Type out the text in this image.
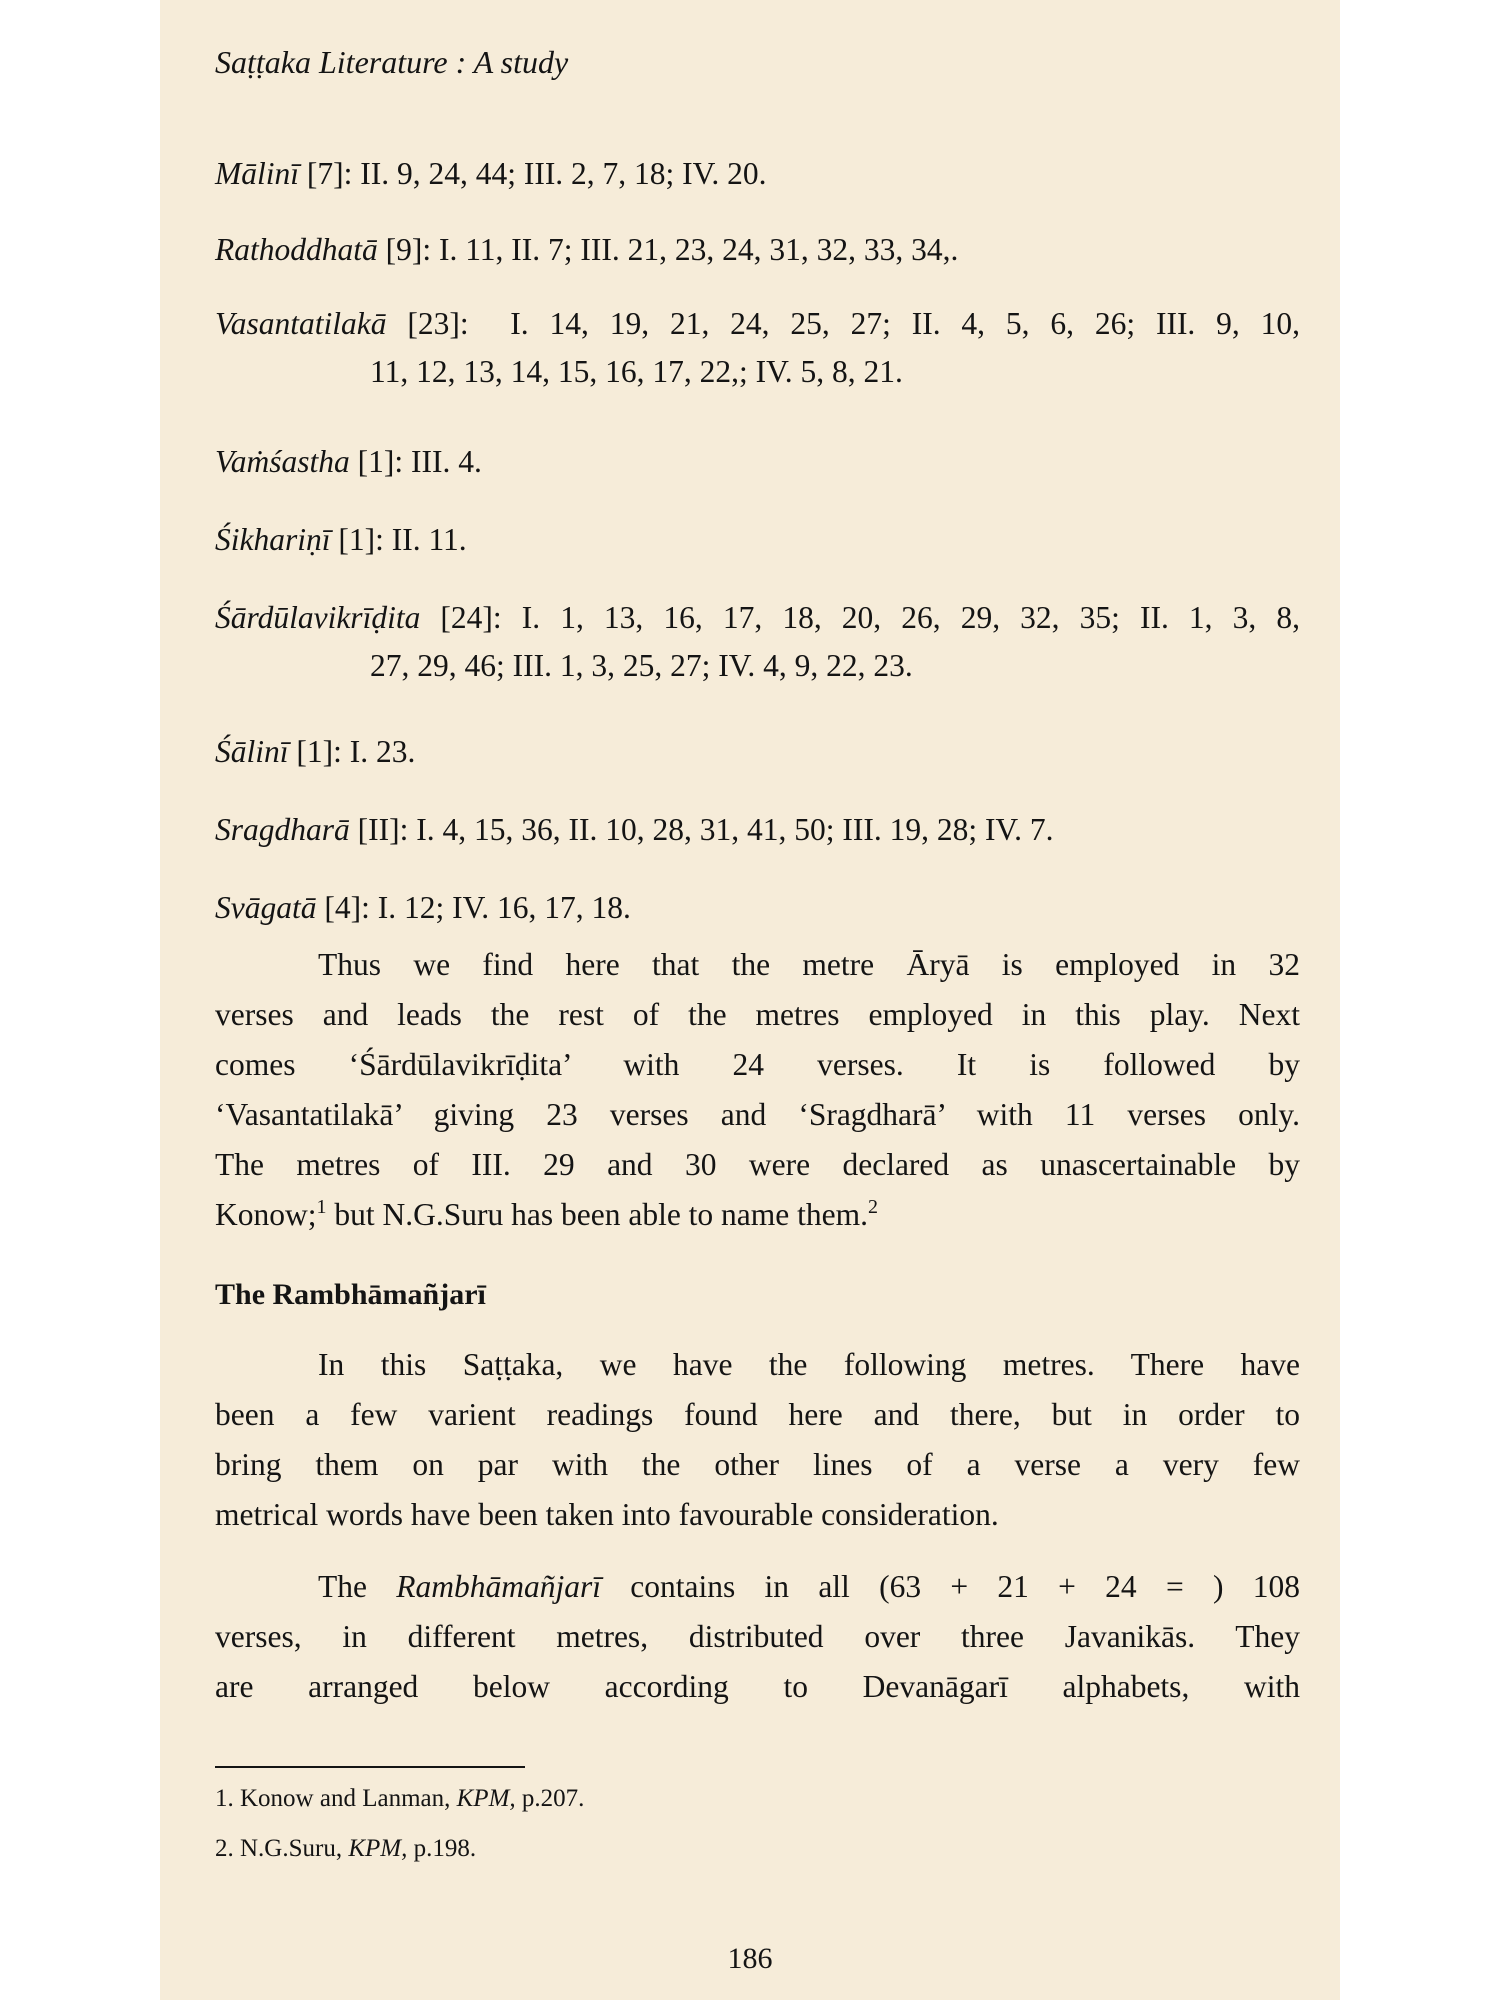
Saṭṭaka Literature : A study
Mālinī [7]: II. 9, 24, 44; III. 2, 7, 18; IV. 20.
Rathoddhatā [9]: I. 11, II. 7; III. 21, 23, 24, 31, 32, 33, 34,.
Vasantatilakā [23]: I. 14, 19, 21, 24, 25, 27; II. 4, 5, 6, 26; III. 9, 10,
11, 12, 13, 14, 15, 16, 17, 22,; IV. 5, 8, 21.
Vaṁśastha [1]: III. 4.
Śikhariṇī [1]: II. 11.
Śārdūlavikrīḍita [24]: I. 1, 13, 16, 17, 18, 20, 26, 29, 32, 35; II. 1, 3, 8,
27, 29, 46; III. 1, 3, 25, 27; IV. 4, 9, 22, 23.
Śālinī [1]: I. 23.
Sragdharā [II]: I. 4, 15, 36, II. 10, 28, 31, 41, 50; III. 19, 28; IV. 7.
Svāgatā [4]: I. 12; IV. 16, 17, 18.
Thus we find here that the metre Āryā is employed in 32
verses and leads the rest of the metres employed in this play. Next
comes ‘Śārdūlavikrīḍita’ with 24 verses. It is followed by
‘Vasantatilakā’ giving 23 verses and ‘Sragdharā’ with 11 verses only.
The metres of III. 29 and 30 were declared as unascertainable by
Konow;$^1$ but N.G.Suru has been able to name them.$^2$
The Rambhāmañjarī
In this Saṭṭaka, we have the following metres. There have
been a few varient readings found here and there, but in order to
bring them on par with the other lines of a verse a very few
metrical words have been taken into favourable consideration.
The Rambhāmañjarī contains in all (63 + 21 + 24 = ) 108
verses, in different metres, distributed over three Javanikās. They
are arranged below according to Devanāgarī alphabets, with
1. Konow and Lanman, KPM, p.207.
2. N.G.Suru, KPM, p.198.
186
